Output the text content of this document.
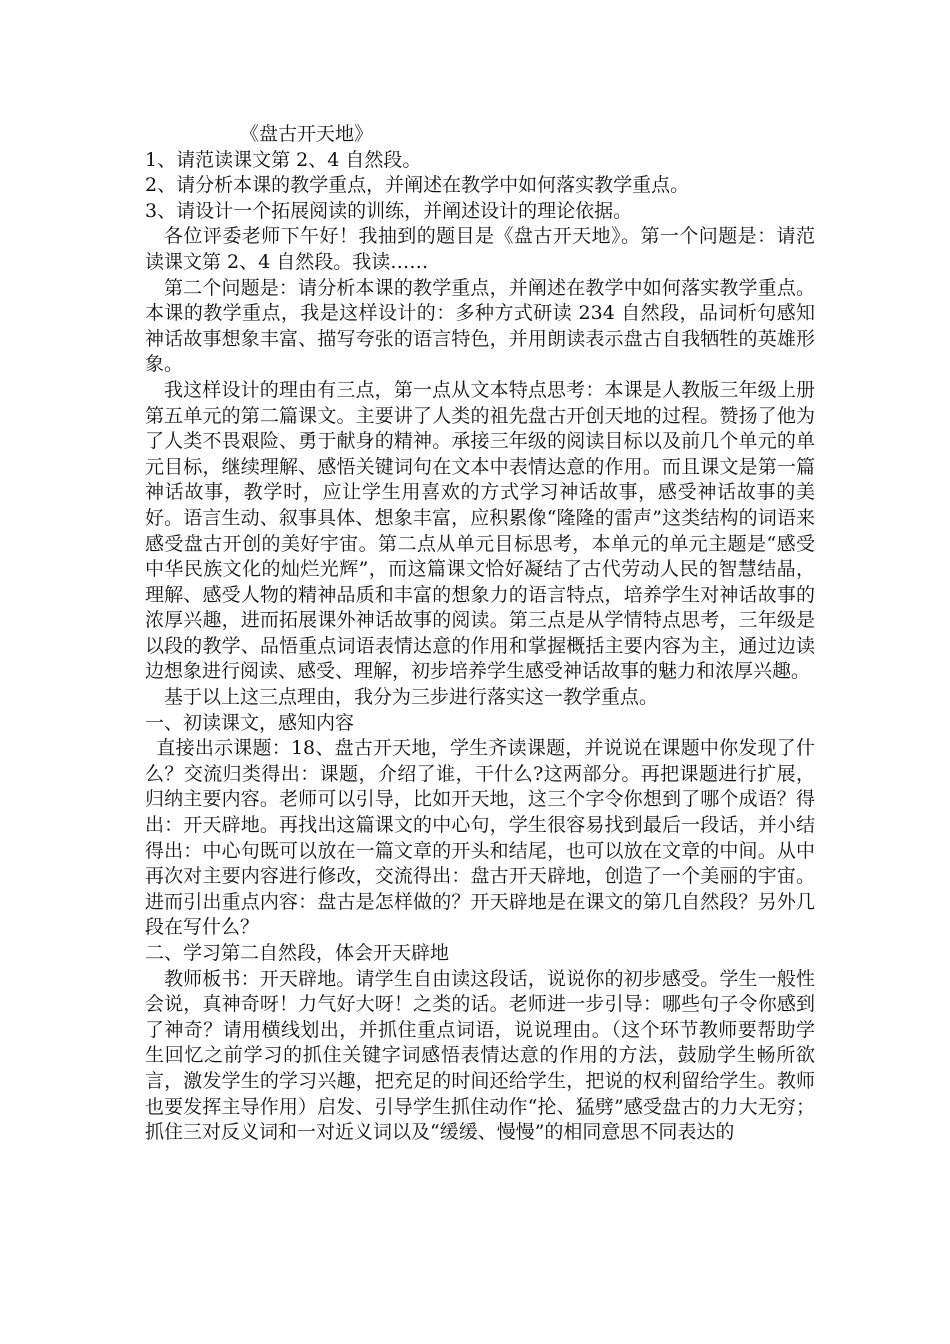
《盘古开天地》

1、请范读课文第 2、4 自然段。

2、请分析本课的教学重点，并阐述在教学中如何落实教学重点。

3、请设计一个拓展阅读的训练，并阐述设计的理论依据。

各位评委老师下午好！我抽到的题目是《盘古开天地》。第一个问题是：请范读课文第 2、4 自然段。我读……

第二个问题是：请分析本课的教学重点，并阐述在教学中如何落实教学重点。本课的教学重点，我是这样设计的：多种方式研读 234 自然段，品词析句感知神话故事想象丰富、描写夸张的语言特色，并用朗读表示盘古自我牺牲的英雄形象。

我这样设计的理由有三点，第一点从文本特点思考：本课是人教版三年级上册第五单元的第二篇课文。主要讲了人类的祖先盘古开创天地的过程。赞扬了他为了人类不畏艰险、勇于献身的精神。承接三年级的阅读目标以及前几个单元的单元目标，继续理解、感悟关键词句在文本中表情达意的作用。而且课文是第一篇神话故事，教学时，应让学生用喜欢的方式学习神话故事，感受神话故事的美好。语言生动、叙事具体、想象丰富，应积累像“隆隆的雷声”这类结构的词语来感受盘古开创的美好宇宙。第二点从单元目标思考，本单元的单元主题是“感受中华民族文化的灿烂光辉”，而这篇课文恰好凝结了古代劳动人民的智慧结晶，理解、感受人物的精神品质和丰富的想象力的语言特点，培养学生对神话故事的浓厚兴趣，进而拓展课外神话故事的阅读。第三点是从学情特点思考，三年级是以段的教学、品悟重点词语表情达意的作用和掌握概括主要内容为主，通过边读边想象进行阅读、感受、理解，初步培养学生感受神话故事的魅力和浓厚兴趣。

基于以上这三点理由，我分为三步进行落实这一教学重点。

一、初读课文，感知内容

直接出示课题：18、盘古开天地，学生齐读课题，并说说在课题中你发现了什么？交流归类得出：课题，介绍了谁，干什么?这两部分。再把课题进行扩展，归纳主要内容。老师可以引导，比如开天地，这三个字令你想到了哪个成语？得出：开天辟地。再找出这篇课文的中心句，学生很容易找到最后一段话，并小结得出：中心句既可以放在一篇文章的开头和结尾，也可以放在文章的中间。从中再次对主要内容进行修改，交流得出：盘古开天辟地，创造了一个美丽的宇宙。进而引出重点内容：盘古是怎样做的？开天辟地是在课文的第几自然段？另外几段在写什么？

二、学习第二自然段，体会开天辟地

教师板书：开天辟地。请学生自由读这段话，说说你的初步感受。学生一般性会说，真神奇呀！力气好大呀！之类的话。老师进一步引导：哪些句子令你感到了神奇？请用横线划出，并抓住重点词语，说说理由。（这个环节教师要帮助学生回忆之前学习的抓住关键字词感悟表情达意的作用的方法，鼓励学生畅所欲言，激发学生的学习兴趣，把充足的时间还给学生，把说的权利留给学生。教师也要发挥主导作用）启发、引导学生抓住动作“抡、猛劈”感受盘古的力大无穷；抓住三对反义词和一对近义词以及“缓缓、慢慢”的相同意思不同表达的
